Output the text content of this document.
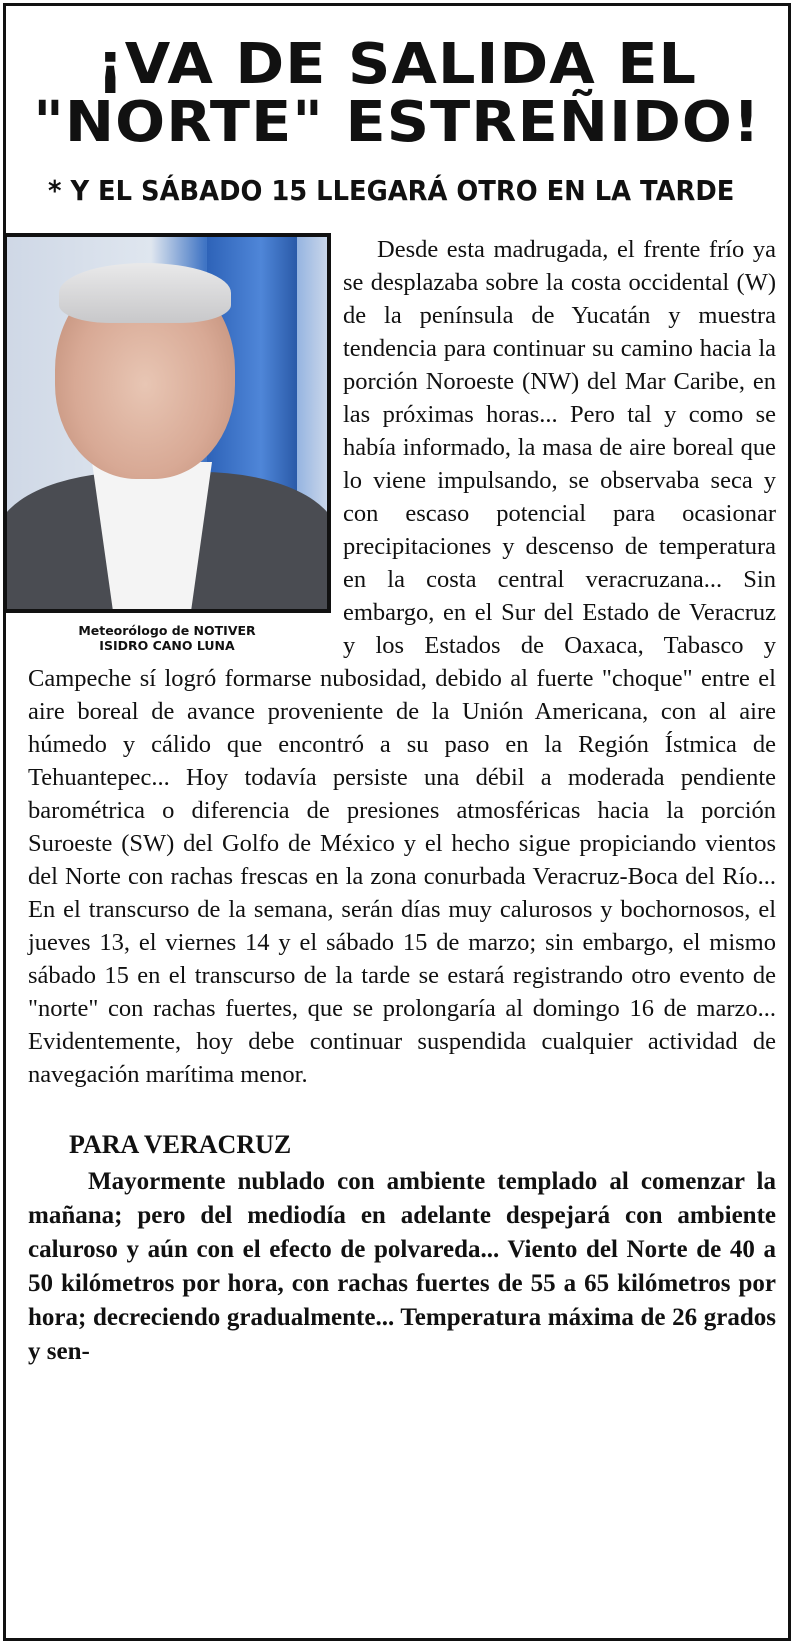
¡VA DE SALIDA EL
"NORTE" ESTREÑIDO!
* Y EL SÁBADO 15 LLEGARÁ OTRO EN LA TARDE
Meteorólogo de NOTIVER
ISIDRO CANO LUNA

Desde esta madrugada, el frente frío ya se desplazaba sobre la costa occidental (W) de la península de Yucatán y muestra tendencia para continuar su camino hacia la porción Noroeste (NW) del Mar Caribe, en las próximas horas... Pero tal y como se había informado, la masa de aire boreal que lo viene impulsando, se observaba seca y con escaso potencial para ocasionar precipitaciones y descenso de temperatura en la costa central veracruzana... Sin embargo, en el Sur del Estado de Veracruz y los Estados de Oaxaca, Tabasco y Campeche sí logró formarse nubosidad, debido al fuerte "choque" entre el aire boreal de avance proveniente de la Unión Americana, con al aire húmedo y cálido que encontró a su paso en la Región Ístmica de Tehuantepec... Hoy todavía persiste una débil a moderada pendiente barométrica o diferencia de presiones atmosféricas hacia la porción Suroeste (SW) del Golfo de México y el hecho sigue propiciando vientos del Norte con rachas frescas en la zona conurbada Veracruz-Boca del Río... En el transcurso de la semana, serán días muy calurosos y bochornosos, el jueves 13, el viernes 14 y el sábado 15 de marzo; sin embargo, el mismo sábado 15 en el transcurso de la tarde se estará registrando otro evento de "norte" con rachas fuertes, que se prolongaría al domingo 16 de marzo... Evidentemente, hoy debe continuar suspendida cualquier actividad de navegación marítima menor.

PARA VERACRUZ
Mayormente nublado con ambiente templado al comenzar la mañana; pero del mediodía en adelante despejará con ambiente caluroso y aún con el efecto de polvareda... Viento del Norte de 40 a 50 kilómetros por hora, con rachas fuertes de 55 a 65 kilómetros por hora; decreciendo gradualmente... Temperatura máxima de 26 grados y sen-
